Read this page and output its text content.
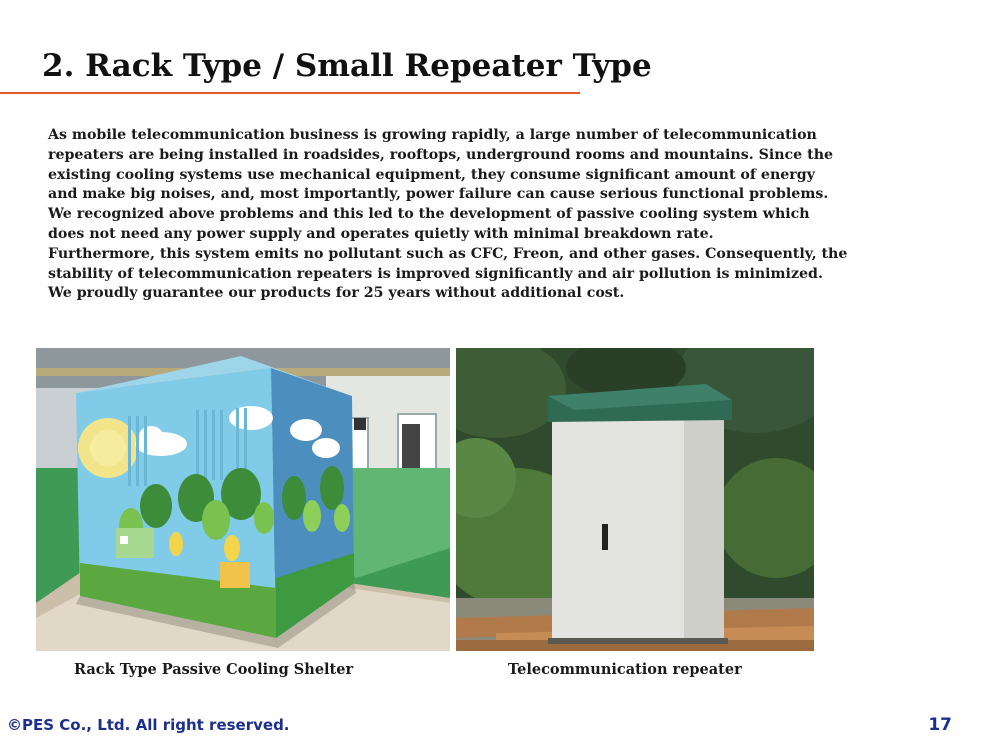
2. Rack Type / Small Repeater Type
As mobile telecommunication business is growing rapidly, a large number of telecommunication repeaters are being installed in roadsides, rooftops, underground rooms and mountains. Since the existing cooling systems use mechanical equipment, they consume significant amount of energy and make big noises, and, most importantly, power failure can cause serious functional problems. We recognized above problems and this led to the development of passive cooling system which does not need any power supply and operates quietly with minimal breakdown rate.
Furthermore, this system emits no pollutant such as CFC, Freon, and other gases. Consequently, the stability of telecommunication repeaters is improved significantly and air pollution is minimized. We proudly guarantee our products for 25 years without additional cost.
Rack Type Passive Cooling Shelter	Telecommunication repeater
©PES Co., Ltd. All right reserved.	17
